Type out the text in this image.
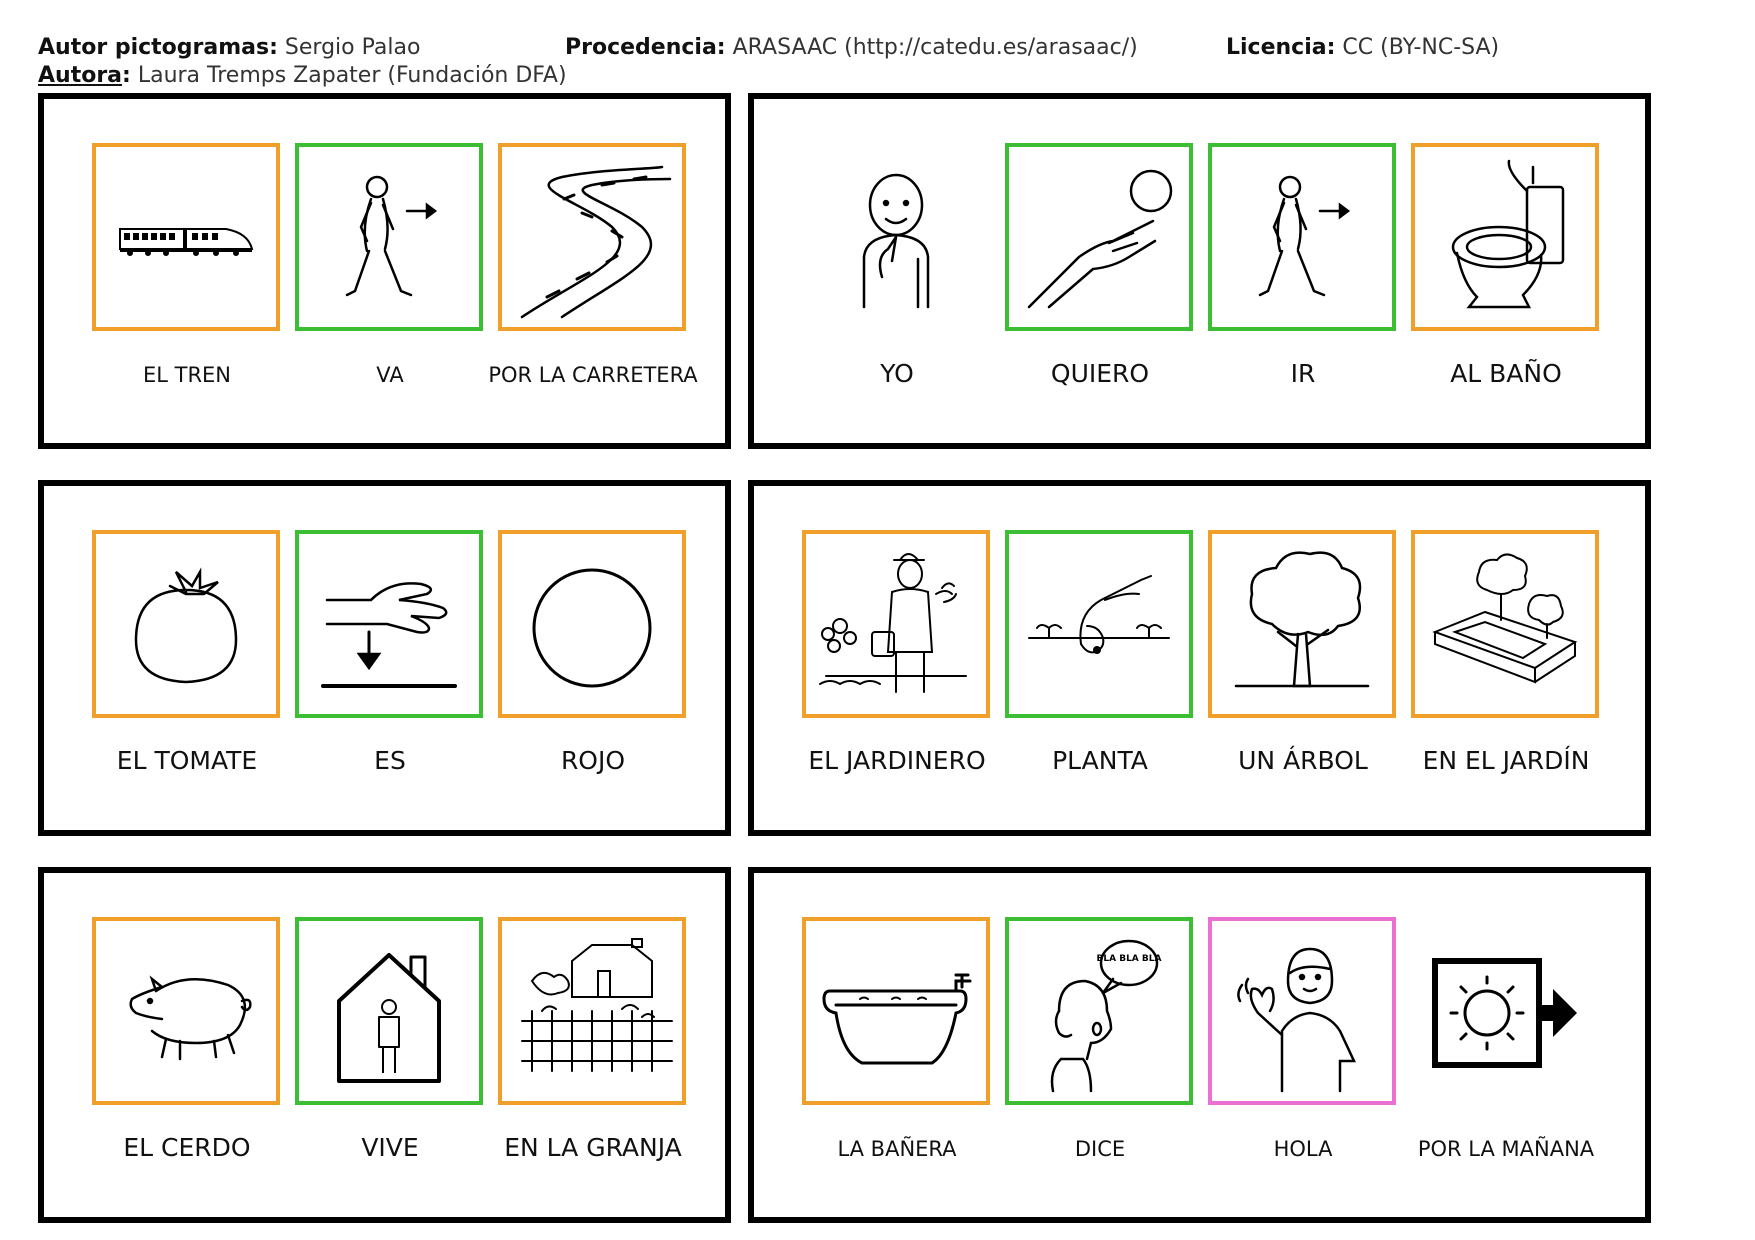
Autor pictogramas: Sergio Palao	Procedencia: ARASAAC (http://catedu.es/arasaac/)	Licencia: CC (BY-NC-SA)
Autora: Laura Tremps Zapater (Fundación DFA)
EL TREN	VA	POR LA CARRETERA	YO	QUIERO	IR	AL BAÑO
EL TOMATE	ES	ROJO	EL JARDINERO	PLANTA	UN ÁRBOL	EN EL JARDÍN
EL CERDO	VIVE	EN LA GRANJA
BLA BLA BLA
LA BAÑERA	DICE	HOLA	POR LA MAÑANA
